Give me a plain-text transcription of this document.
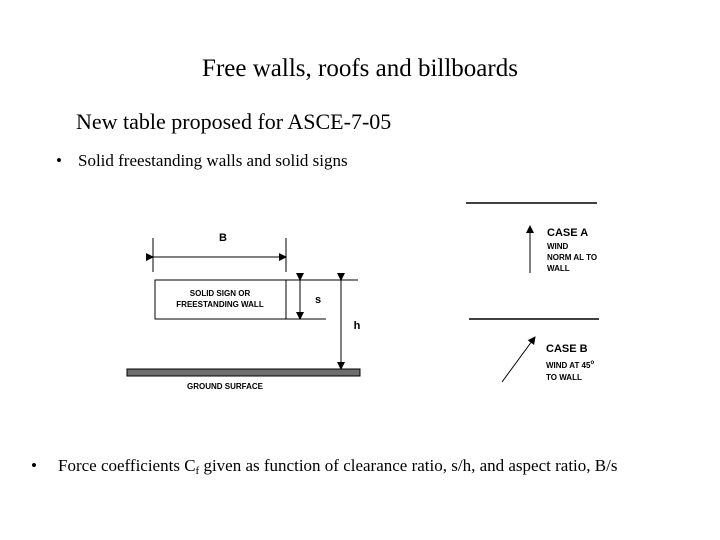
Free walls, roofs and billboards
New table proposed for ASCE-7-05
• Solid freestanding walls and solid signs
B
SOLID SIGN OR
FREESTANDING WALL	s
h
GROUND SURFACE
CASE A
WIND
NORM AL TO
WALL
CASE B
WIND AT 45$^o$
TO WALL
• Force coefficients $C_f$ given as function of clearance ratio, s/h, and aspect ratio, B/s
